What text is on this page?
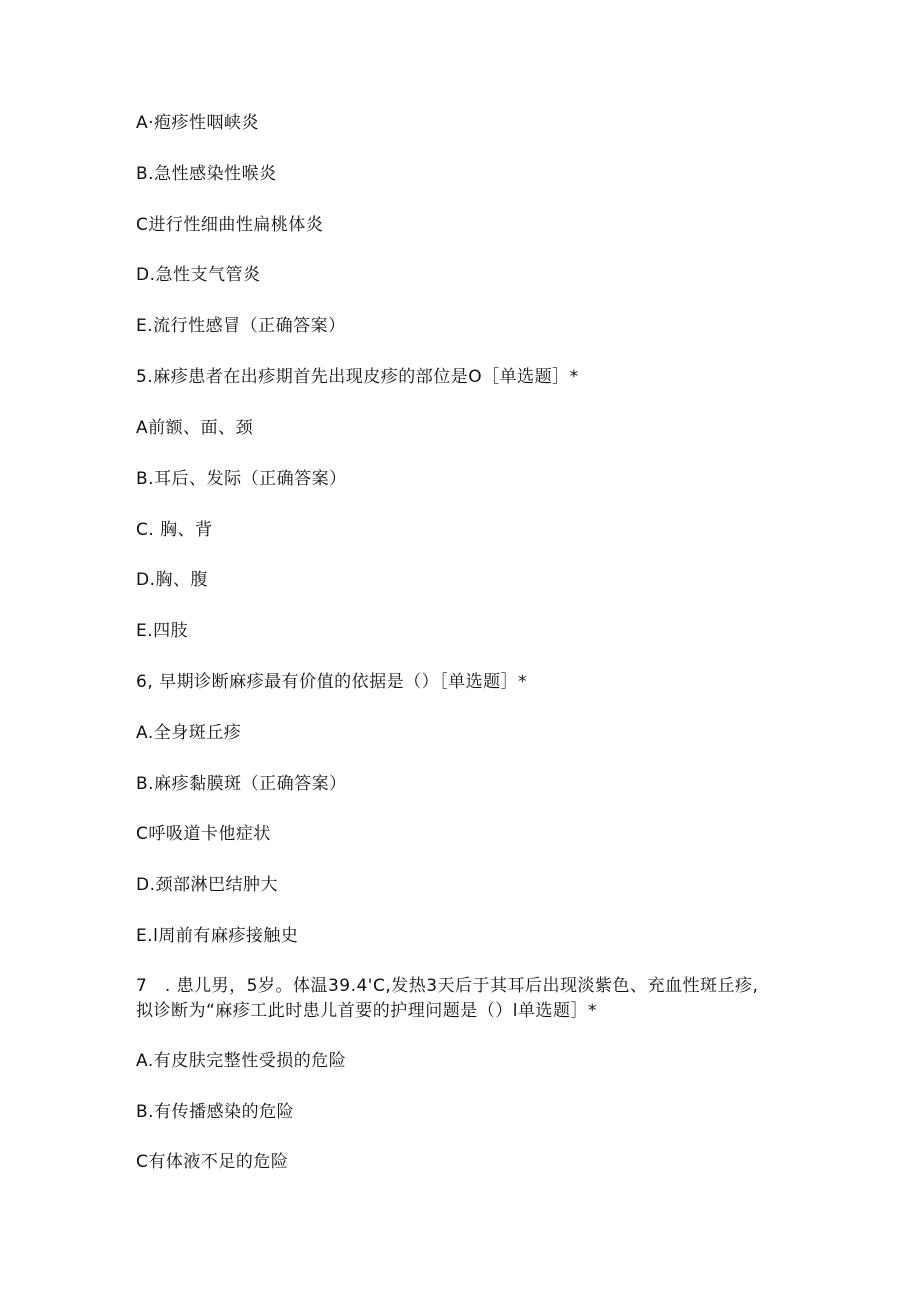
A·疱疹性咽峡炎
B.急性感染性喉炎
C进行性细曲性扁桃体炎
D.急性支气管炎
E.流行性感冒（正确答案）
5.麻疹患者在出疹期首先出现皮疹的部位是O［单选题］*
A前额、面、颈
B.耳后、发际（正确答案）
C. 胸、背
D.胸、腹
E.四肢
6, 早期诊断麻疹最有价值的依据是（）［单选题］*
A.全身斑丘疹
B.麻疹黏膜斑（正确答案）
C呼吸道卡他症状
D.颈部淋巴结肿大
E.l周前有麻疹接触史
7　. 患儿男，5岁。体温39.4'C,发热3天后于其耳后出现淡紫色、充血性斑丘疹,
拟诊断为“麻疹工此时患儿首要的护理问题是（）l单选题］*
A.有皮肤完整性受损的危险
B.有传播感染的危险
C有体液不足的危险
